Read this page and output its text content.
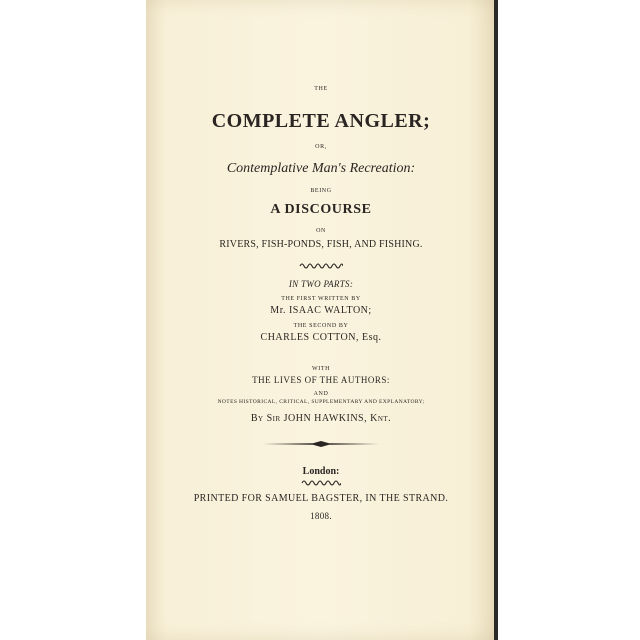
THE
COMPLETE ANGLER;
OR,
Contemplative Man's Recreation:
BEING
A DISCOURSE
ON
RIVERS, FISH-PONDS, FISH, AND FISHING.
IN TWO PARTS:
THE FIRST WRITTEN BY
Mr. ISAAC WALTON;
THE SECOND BY
CHARLES COTTON, Esq.
WITH
THE LIVES OF THE AUTHORS:
AND
NOTES HISTORICAL, CRITICAL, SUPPLEMENTARY AND EXPLANATORY;
By Sir JOHN HAWKINS, Knt.
London:
PRINTED FOR SAMUEL BAGSTER, IN THE STRAND.
1808.
